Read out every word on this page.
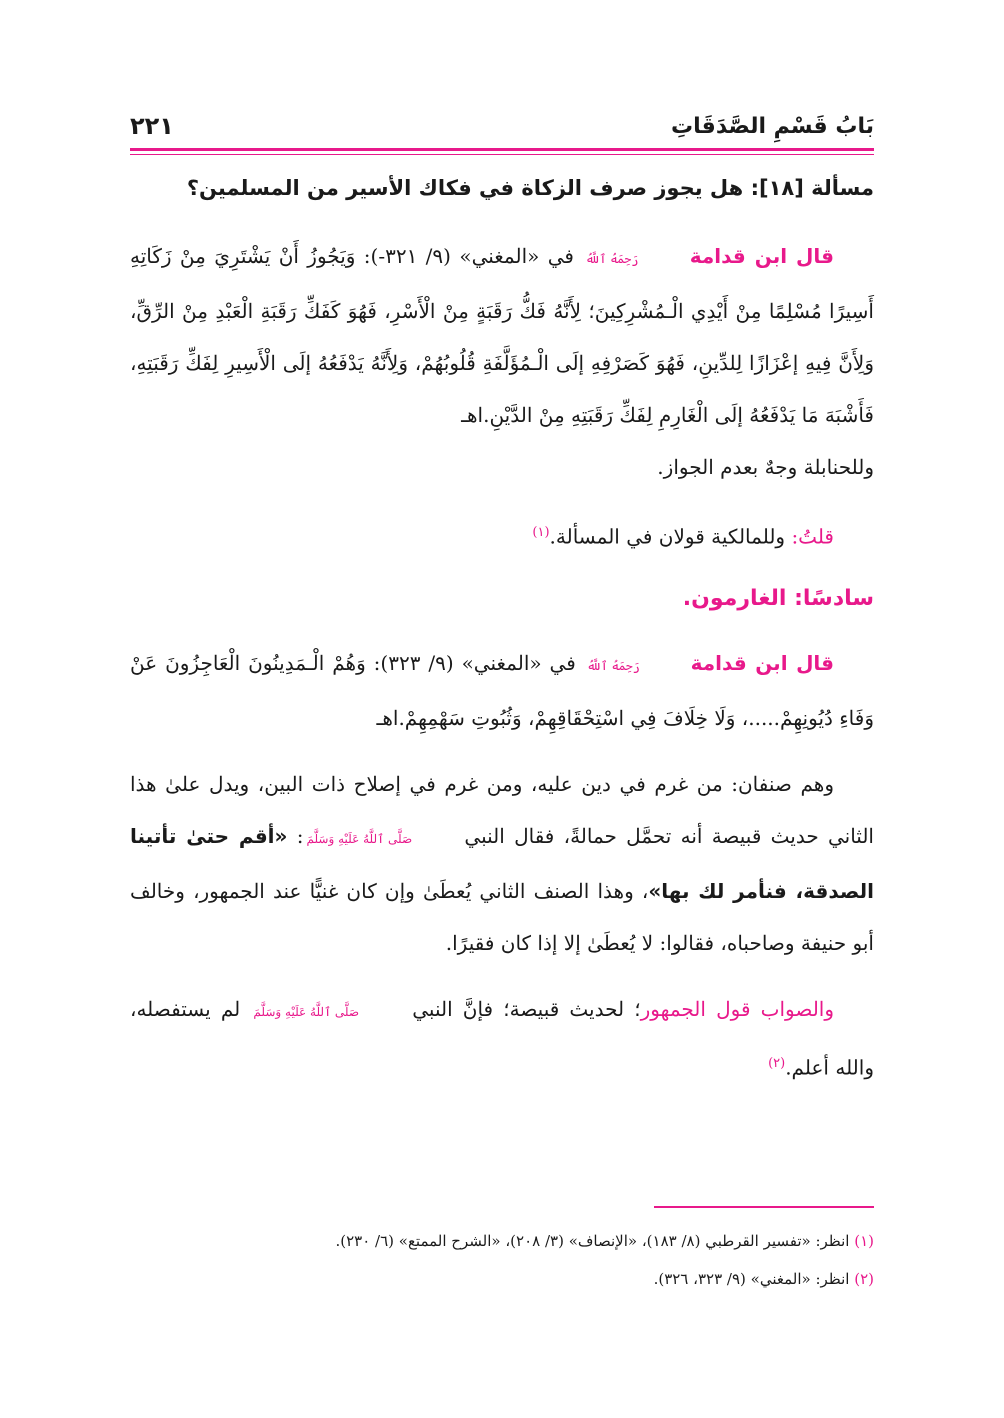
بَابُ قَسْمِ الصَّدَقَاتِ
٢٢١
مسألة [١٨]: هل يجوز صرف الزكاة في فكاك الأسير من المسلمين؟

قال ابن قدامة رَحِمَهُ ٱللَّهُ في «المغني» (٩/ ٣٢١-): وَيَجُوزُ أَنْ يَشْتَرِيَ مِنْ زَكَاتِهِ أَسِيرًا مُسْلِمًا مِنْ أَيْدِي الْـمُشْرِكِينَ؛ لِأَنَّهُ فَكُّ رَقَبَةٍ مِنْ الْأَسْرِ، فَهُوَ كَفَكِّ رَقَبَةِ الْعَبْدِ مِنْ الرِّقِّ، وَلِأَنَّ فِيهِ إعْزَازًا لِلدِّينِ، فَهُوَ كَصَرْفِهِ إلَى الْـمُؤَلَّفَةِ قُلُوبُهُمْ، وَلِأَنَّهُ يَدْفَعُهُ إلَى الْأَسِيرِ لِفَكِّ رَقَبَتِهِ، فَأَشْبَهَ مَا يَدْفَعُهُ إلَى الْغَارِمِ لِفَكِّ رَقَبَتِهِ مِنْ الدَّيْنِ.اهـ
وللحنابلة وجهٌ بعدم الجواز.

قلتُ: وللمالكية قولان في المسألة.$^{(١)}$

سادسًا: الغارمون.

قال ابن قدامة رَحِمَهُ ٱللَّهُ في «المغني» (٩/ ٣٢٣): وَهُمْ الْـمَدِينُونَ الْعَاجِزُونَ عَنْ وَفَاءِ دُيُونِهِمْ.....، وَلَا خِلَافَ فِي اسْتِحْقَاقِهِمْ، وَثُبُوتِ سَهْمِهِمْ.اهـ

وهم صنفان: من غرم في دين عليه، ومن غرم في إصلاح ذات البين، ويدل علىٰ هذا الثاني حديث قبيصة أنه تحمَّل حمالةً، فقال النبي صَلَّى ٱللَّهُ عَلَيْهِ وَسَلَّمَ: «أقم حتىٰ تأتينا الصدقة، فنأمر لك بها»، وهذا الصنف الثاني يُعطَىٰ وإن كان غنيًّا عند الجمهور، وخالف أبو حنيفة وصاحباه، فقالوا: لا يُعطَىٰ إلا إذا كان فقيرًا.

والصواب قول الجمهور؛ لحديث قبيصة؛ فإنَّ النبي صَلَّى ٱللَّهُ عَلَيْهِ وَسَلَّمَ لم يستفصله، والله أعلم.$^{(٢)}$

(١) انظر: «تفسير القرطبي (٨/ ١٨٣)، «الإنصاف» (٣/ ٢٠٨)، «الشرح الممتع» (٦/ ٢٣٠).
(٢) انظر: «المغني» (٩/ ٣٢٣، ٣٢٦).
